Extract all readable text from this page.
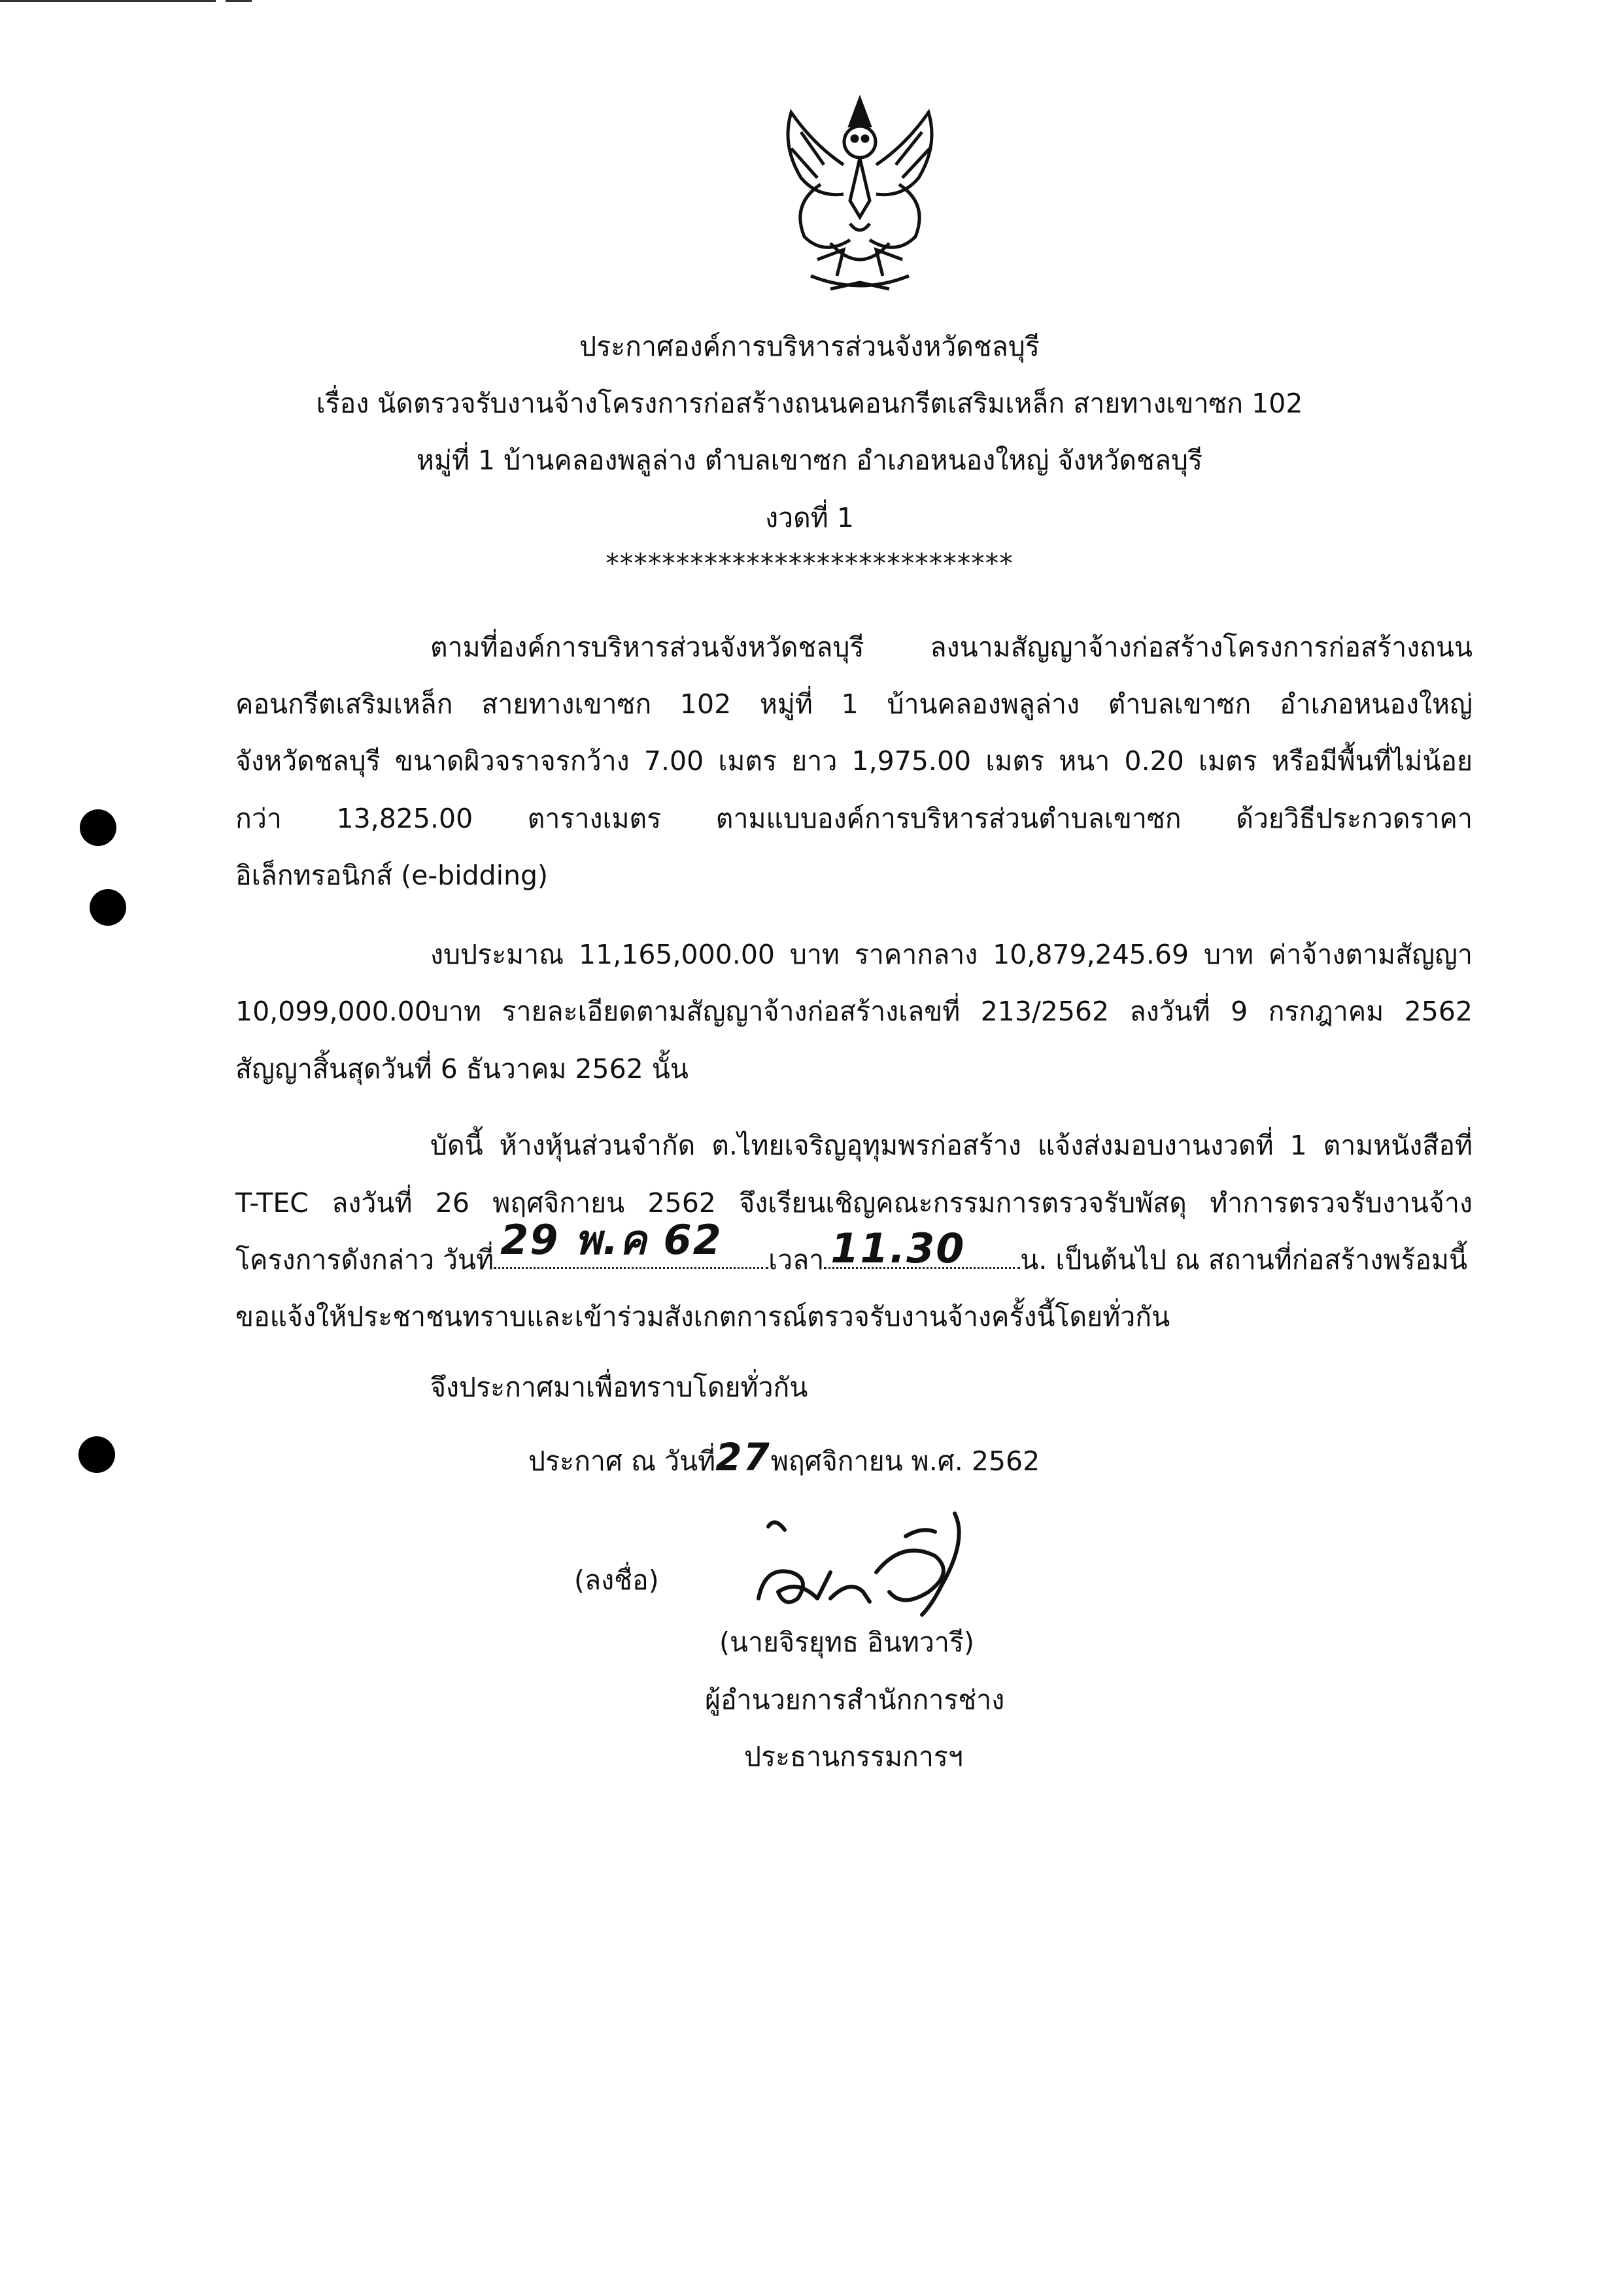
ประกาศองค์การบริหารส่วนจังหวัดชลบุรี
เรื่อง นัดตรวจรับงานจ้างโครงการก่อสร้างถนนคอนกรีตเสริมเหล็ก สายทางเขาซก 102
หมู่ที่ 1 บ้านคลองพลูล่าง ตำบลเขาซก อำเภอหนองใหญ่ จังหวัดชลบุรี
งวดที่ 1
*****************************
ตามที่องค์การบริหารส่วนจังหวัดชลบุรี ลงนามสัญญาจ้างก่อสร้างโครงการก่อสร้างถนน
คอนกรีตเสริมเหล็ก สายทางเขาซก 102 หมู่ที่ 1 บ้านคลองพลูล่าง ตำบลเขาซก อำเภอหนองใหญ่
จังหวัดชลบุรี ขนาดผิวจราจรกว้าง 7.00 เมตร ยาว 1,975.00 เมตร หนา 0.20 เมตร หรือมีพื้นที่ไม่น้อย
กว่า 13,825.00 ตารางเมตร ตามแบบองค์การบริหารส่วนตำบลเขาซก ด้วยวิธีประกวดราคา
อิเล็กทรอนิกส์ (e-bidding)
งบประมาณ 11,165,000.00 บาท ราคากลาง 10,879,245.69 บาท ค่าจ้างตามสัญญา
10,099,000.00บาท รายละเอียดตามสัญญาจ้างก่อสร้างเลขที่ 213/2562 ลงวันที่ 9 กรกฎาคม 2562
สัญญาสิ้นสุดวันที่ 6 ธันวาคม 2562 นั้น
บัดนี้ ห้างหุ้นส่วนจำกัด ต.ไทยเจริญอุทุมพรก่อสร้าง แจ้งส่งมอบงานงวดที่ 1 ตามหนังสือที่
T-TEC ลงวันที่ 26 พฤศจิกายน 2562 จึงเรียนเชิญคณะกรรมการตรวจรับพัสดุ ทำการตรวจรับงานจ้าง
โครงการดังกล่าว วันที่ 29 พ.ค 62 เวลา 11.30 น. เป็นต้นไป ณ สถานที่ก่อสร้างพร้อมนี้
ขอแจ้งให้ประชาชนทราบและเข้าร่วมสังเกตการณ์ตรวจรับงานจ้างครั้งนี้โดยทั่วกัน
จึงประกาศมาเพื่อทราบโดยทั่วกัน
ประกาศ ณ วันที่27พฤศจิกายน พ.ศ. 2562
(ลงชื่อ)
(นายจิรยุทธ อินทวารี)
ผู้อำนวยการสำนักการช่าง
ประธานกรรมการฯ
